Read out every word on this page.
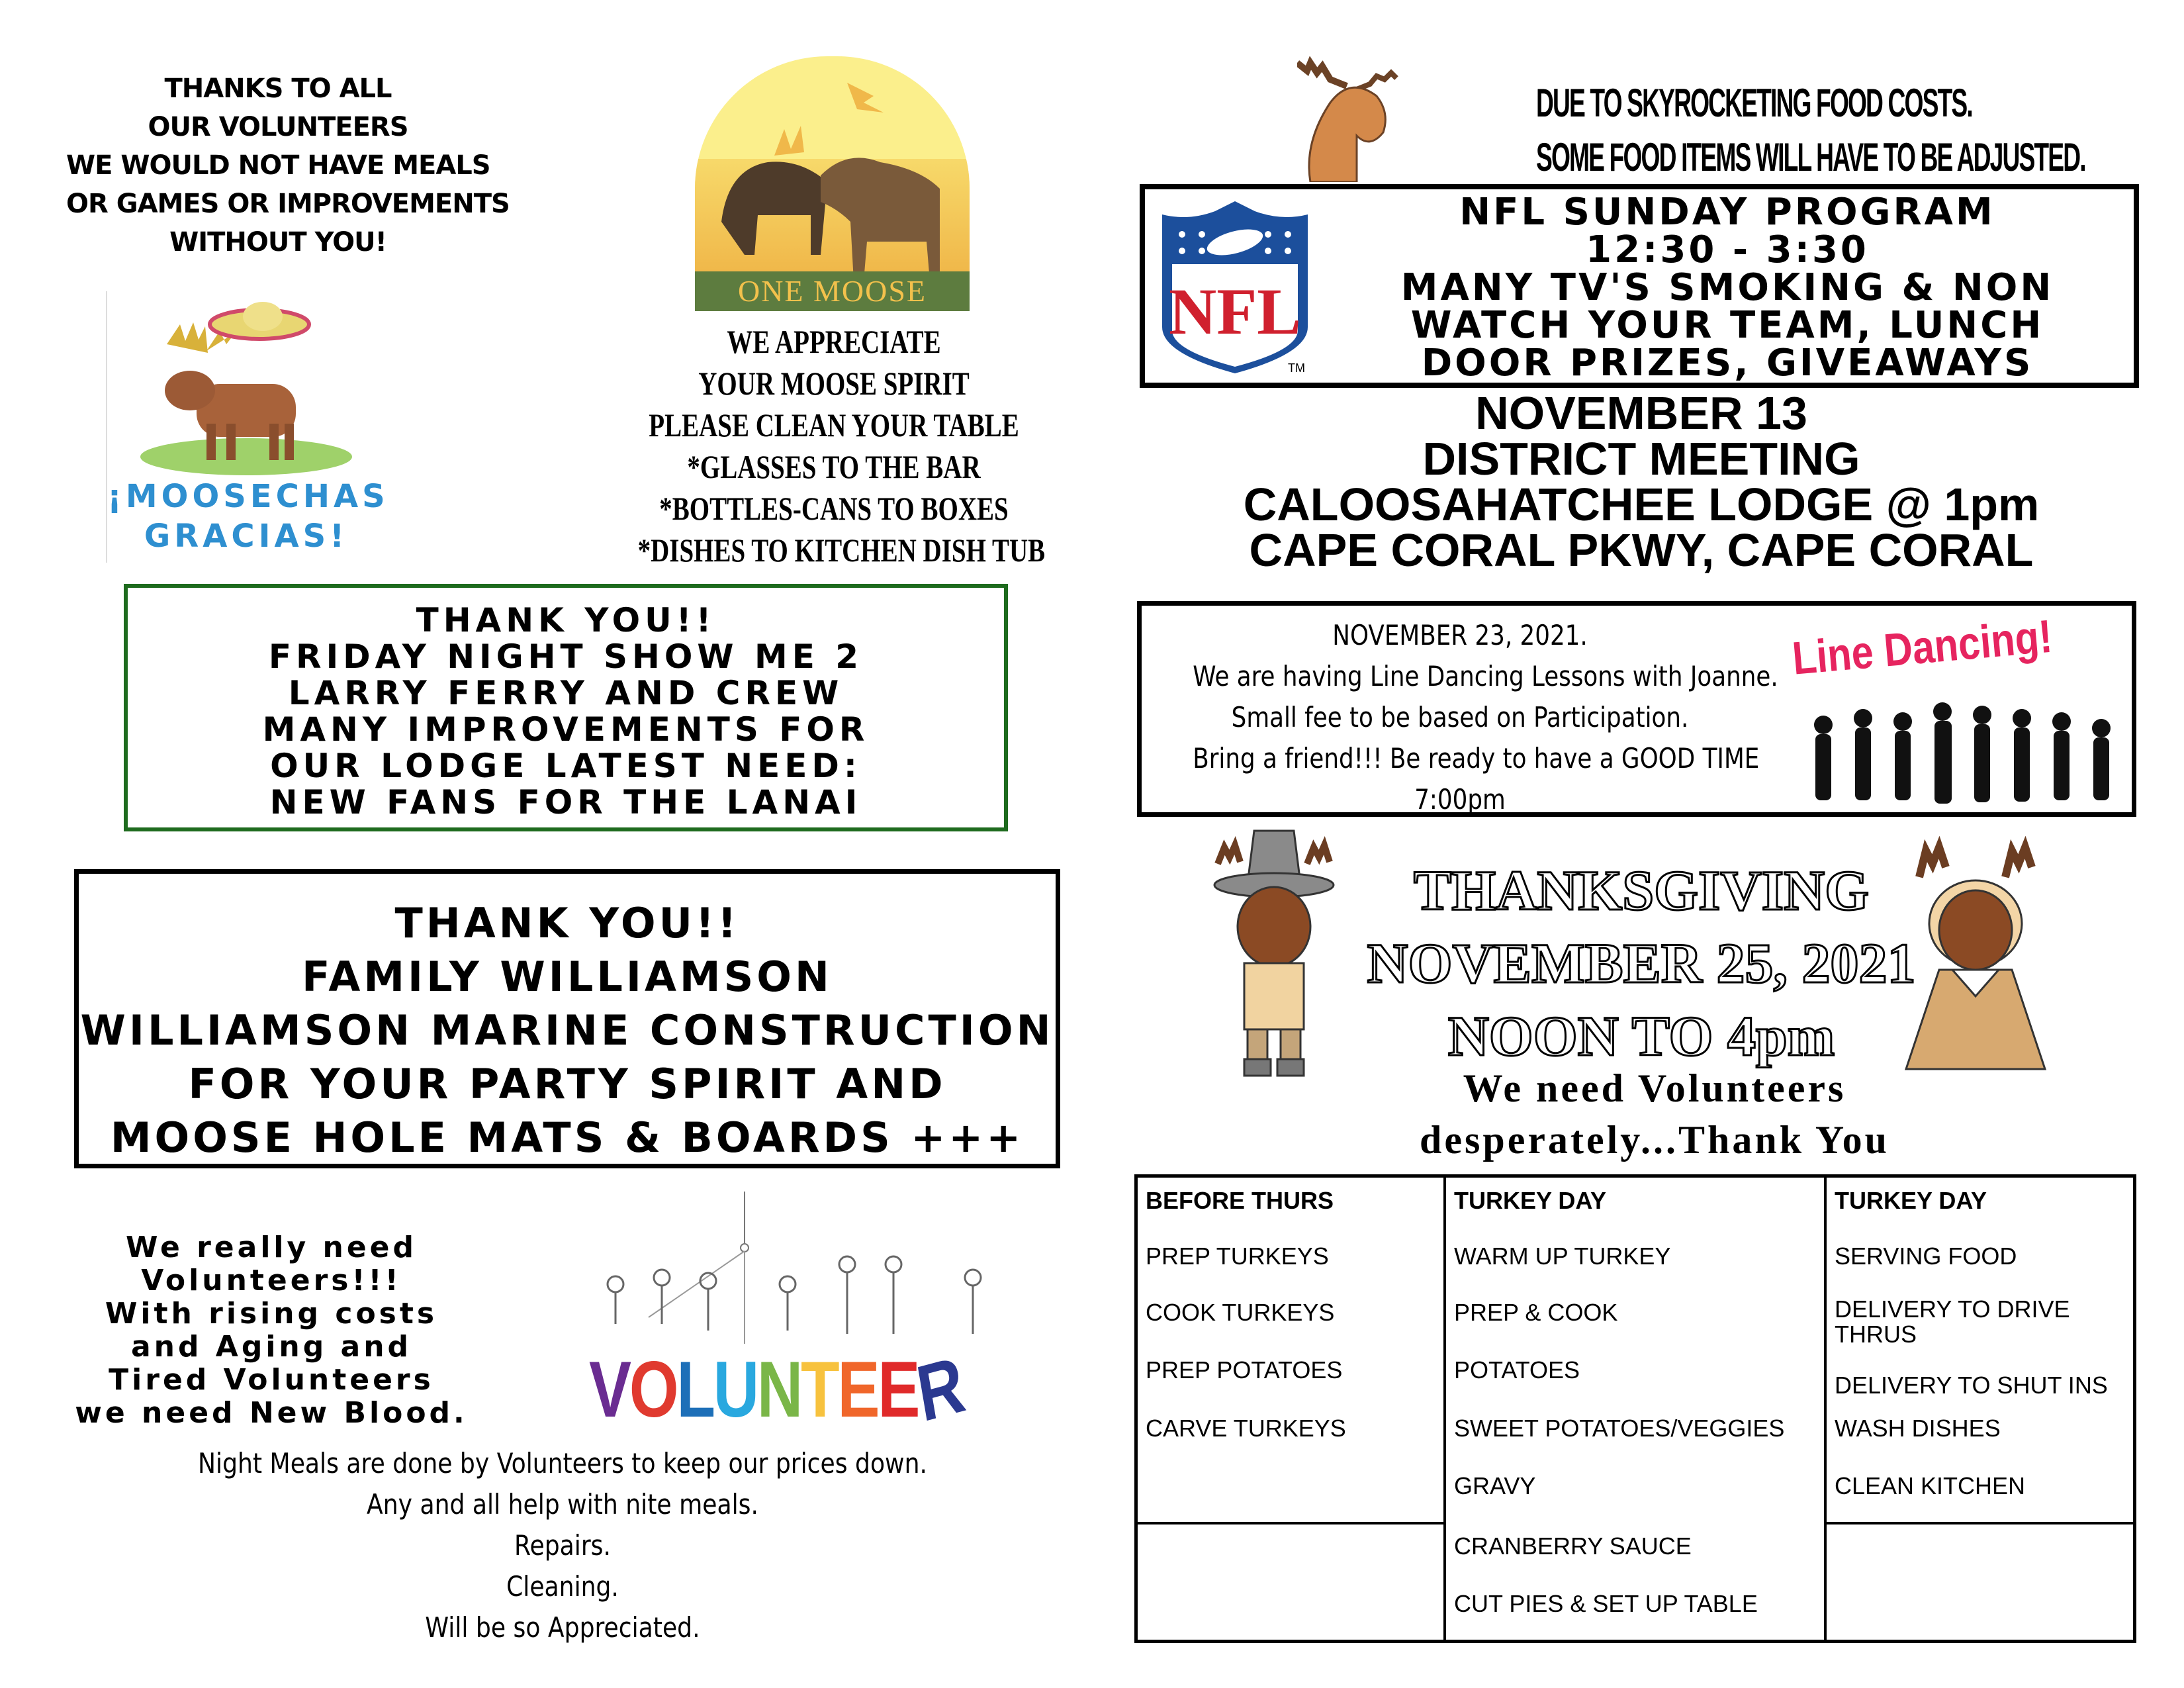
THANKS TO ALL
OUR VOLUNTEERS
WE WOULD NOT HAVE MEALS
OR GAMES OR IMPROVEMENTS
WITHOUT YOU!
¡MOOSECHAS
GRACIAS!
ONE MOOSE
WE APPRECIATE
YOUR MOOSE SPIRIT
PLEASE CLEAN YOUR TABLE
*GLASSES TO THE BAR
*BOTTLES-CANS TO BOXES
*DISHES TO KITCHEN DISH TUB
THANK YOU!!
FRIDAY NIGHT SHOW ME 2
LARRY FERRY AND CREW
MANY IMPROVEMENTS FOR
OUR LODGE LATEST NEED:
NEW FANS FOR THE LANAI
THANK YOU!!
FAMILY WILLIAMSON
WILLIAMSON MARINE CONSTRUCTION
FOR YOUR PARTY SPIRIT AND
MOOSE HOLE MATS & BOARDS +++
We really need
Volunteers!!!
With rising costs
and Aging and
Tired Volunteers
we need New Blood. VOLUNTEER
Night Meals are done by Volunteers to keep our prices down.
Any and all help with nite meals.
Repairs.
Cleaning.
Will be so Appreciated.
DUE TO SKYROCKETING FOOD COSTS.
SOME FOOD ITEMS WILL HAVE TO BE ADJUSTED.
NFL
TM
NFL SUNDAY PROGRAM
12:30 - 3:30
MANY TV'S SMOKING & NON
WATCH YOUR TEAM, LUNCH
DOOR PRIZES, GIVEAWAYS
NOVEMBER 13
DISTRICT MEETING
CALOOSAHATCHEE LODGE @ 1pm
CAPE CORAL PKWY, CAPE CORAL
NOVEMBER 23, 2021.
We are having Line Dancing Lessons with Joanne.
Small fee to be based on Participation.
Bring a friend!!! Be ready to have a GOOD TIME
7:00pm
Line Dancing!
THANKSGIVING
NOVEMBER 25, 2021
NOON TO 4pm
We need Volunteers
desperately...Thank You
BEFORE THURS
PREP TURKEYS
COOK TURKEYS
PREP POTATOES
CARVE TURKEYS
TURKEY DAY
WARM UP TURKEY
PREP & COOK
POTATOES
SWEET POTATOES/VEGGIES
GRAVY
CRANBERRY SAUCE
CUT PIES & SET UP TABLE
TURKEY DAY
SERVING FOOD
DELIVERY TO DRIVE THRUS
DELIVERY TO SHUT INS
WASH DISHES
CLEAN KITCHEN
